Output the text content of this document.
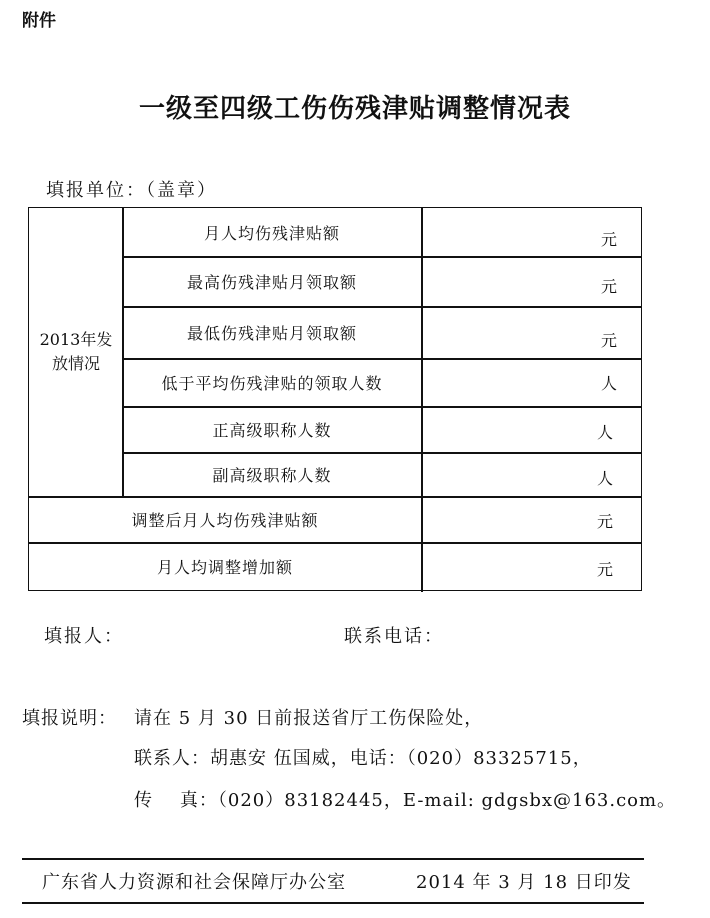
附件
一级至四级工伤伤残津贴调整情况表
填报单位：（盖章）
2013年发
放情况
月人均伤残津贴额	元
最高伤残津贴月领取额	元
最低伤残津贴月领取额	元
低于平均伤残津贴的领取人数	人
正高级职称人数	人
副高级职称人数	人
调整后月人均伤残津贴额	元
月人均调整增加额	元
填报人：	联系电话：
填报说明： 请在 5 月 30 日前报送省厅工伤保险处，
联系人：胡惠安 伍国威，电话：（020）83325715，
传    真：（020）83182445，E-mail: gdgsbx@163.com。
广东省人力资源和社会保障厅办公室	2014 年 3 月 18 日印发
